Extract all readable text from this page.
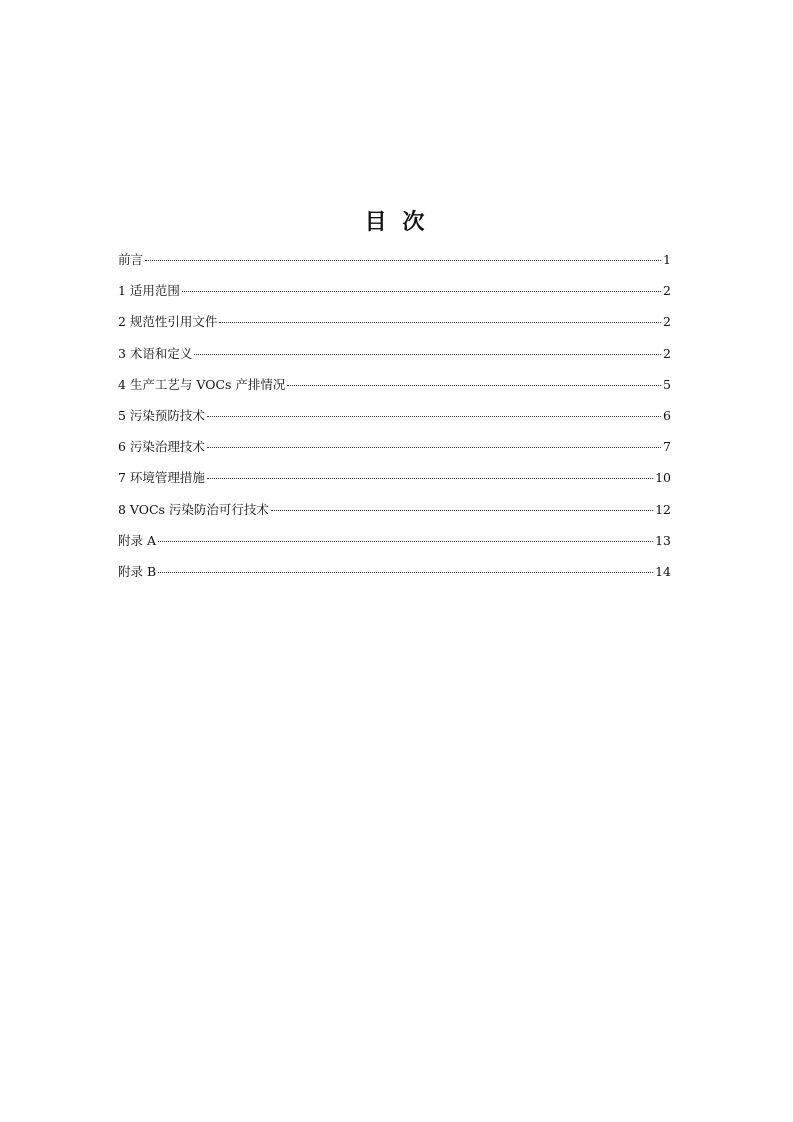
目 次
前言	1
1 适用范围	2
2 规范性引用文件	2
3 术语和定义	2
4 生产工艺与 VOCs 产排情况	5
5 污染预防技术	6
6 污染治理技术	7
7 环境管理措施	10
8 VOCs 污染防治可行技术	12
附录 A	13
附录 B	14
